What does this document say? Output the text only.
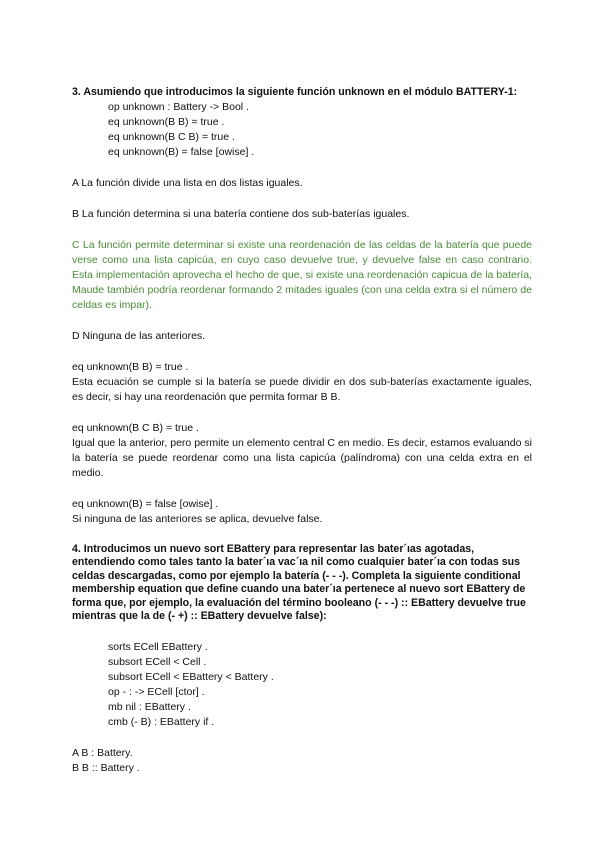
3. Asumiendo que introducimos la siguiente función unknown en el módulo BATTERY-1:

op unknown : Battery -> Bool .
eq unknown(B B) = true .
eq unknown(B C B) = true .
eq unknown(B) = false [owise] .

A La función divide una lista en dos listas iguales.

B La función determina si una batería contiene dos sub-baterías iguales.

C La función permite determinar si existe una reordenación de las celdas de la batería que puede verse como una lista capicúa, en cuyo caso devuelve true, y devuelve false en caso contrario. Esta implementación aprovecha el hecho de que, si existe una reordenación capicua de la batería, Maude también podría reordenar formando 2 mitades iguales (con una celda extra si el número de celdas es impar).

D Ninguna de las anteriores.

eq unknown(B B) = true .

Esta ecuación se cumple si la batería se puede dividir en dos sub-baterías exactamente iguales, es decir, si hay una reordenación que permita formar B B.

eq unknown(B C B) = true .

Igual que la anterior, pero permite un elemento central C en medio. Es decir, estamos evaluando si la batería se puede reordenar como una lista capicúa (palíndroma) con una celda extra en el medio.

eq unknown(B) = false [owise] .

Si ninguna de las anteriores se aplica, devuelve false.

4. Introducimos un nuevo sort EBattery para representar las bater´ıas agotadas, entendiendo como tales tanto la bater´ıa vac´ıa nil como cualquier bater´ıa con todas sus celdas descargadas, como por ejemplo la batería (- - -). Completa la siguiente conditional membership equation que define cuando una bater´ıa pertenece al nuevo sort EBattery de forma que, por ejemplo, la evaluación del término booleano (- - -) :: EBattery devuelve true mientras que la de (- +) :: EBattery devuelve false):

sorts ECell EBattery .
subsort ECell < Cell .
subsort ECell < EBattery < Battery .
op - : -> ECell [ctor] .
mb nil : EBattery .
cmb (- B) : EBattery if .

A B : Battery.

B B :: Battery .
